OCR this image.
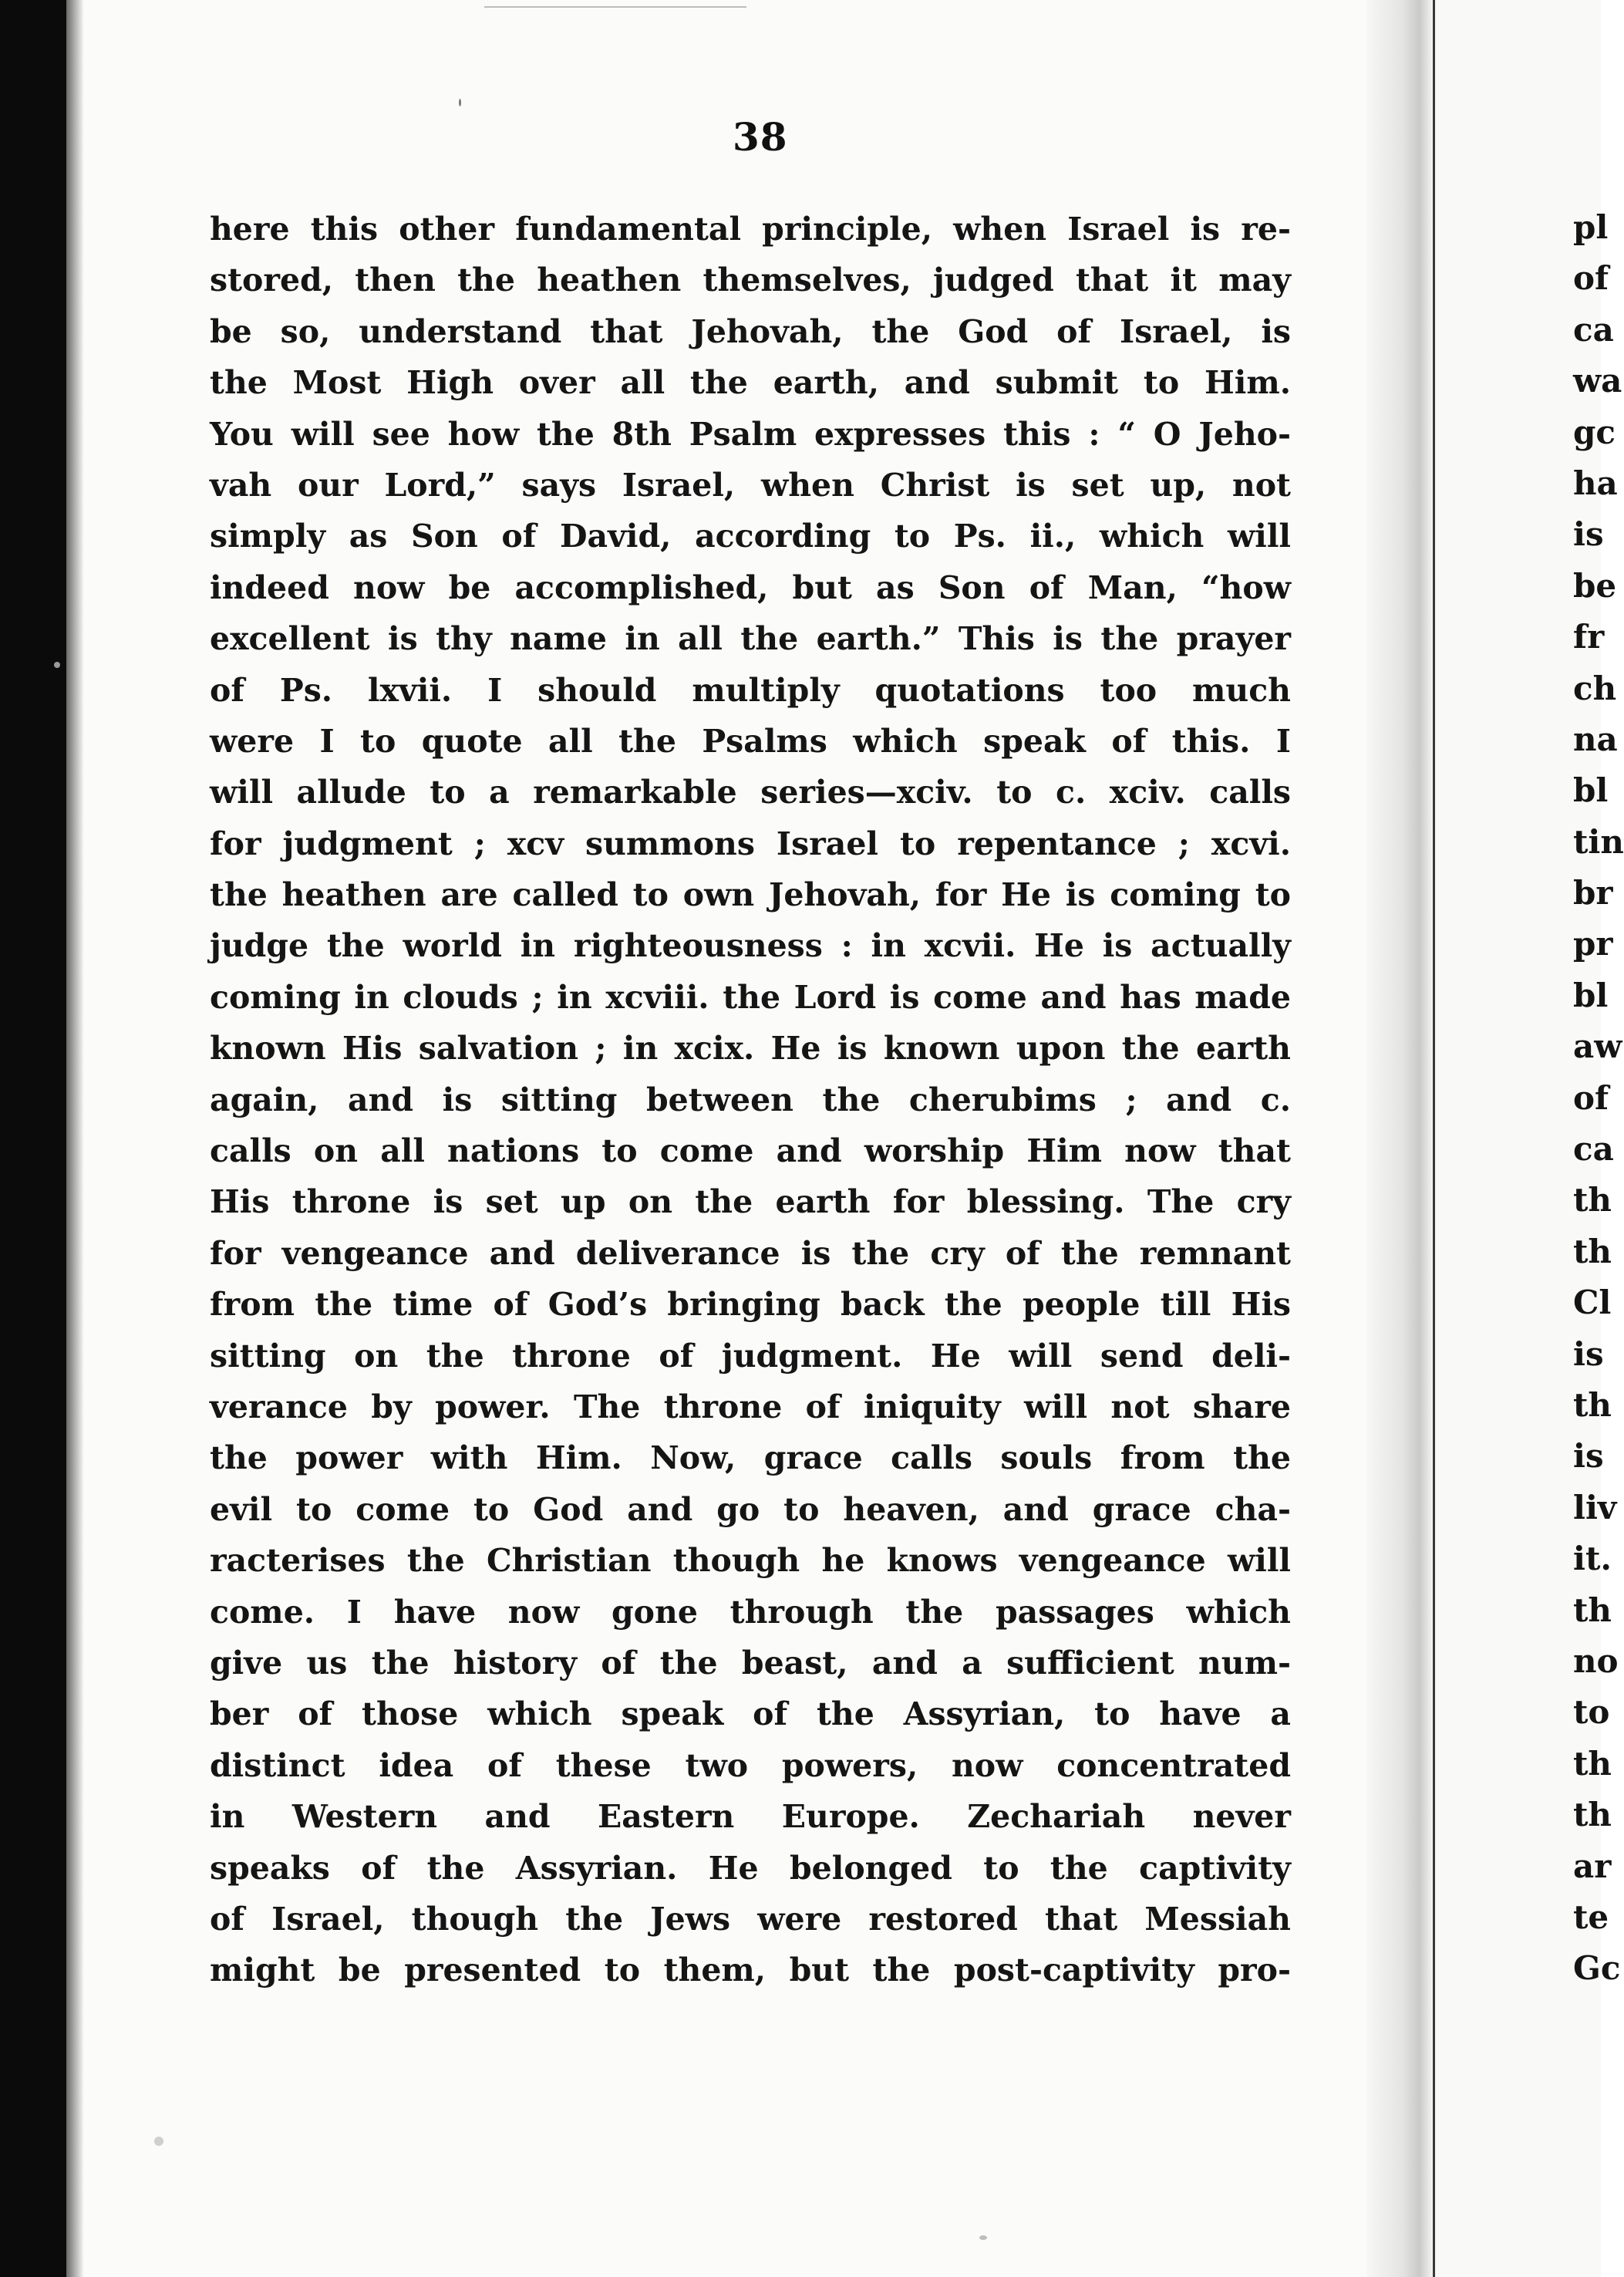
38
here this other fundamental principle, when Israel is re-
stored, then the heathen themselves, judged that it may
be so, understand that Jehovah, the God of Israel, is
the Most High over all the earth, and submit to Him.
You will see how the 8th Psalm expresses this : “ O Jeho-
vah our Lord,” says Israel, when Christ is set up, not
simply as Son of David, according to Ps. ii., which will
indeed now be accomplished, but as Son of Man, “how
excellent is thy name in all the earth.” This is the prayer
of Ps. lxvii. I should multiply quotations too much
were I to quote all the Psalms which speak of this. I
will allude to a remarkable series—xciv. to c. xciv. calls
for judgment ; xcv summons Israel to repentance ; xcvi.
the heathen are called to own Jehovah, for He is coming to
judge the world in righteousness : in xcvii. He is actually
coming in clouds ; in xcviii. the Lord is come and has made
known His salvation ; in xcix. He is known upon the earth
again, and is sitting between the cherubims ; and c.
calls on all nations to come and worship Him now that
His throne is set up on the earth for blessing. The cry
for vengeance and deliverance is the cry of the remnant
from the time of God’s bringing back the people till His
sitting on the throne of judgment. He will send deli-
verance by power. The throne of iniquity will not share
the power with Him. Now, grace calls souls from the
evil to come to God and go to heaven, and grace cha-
racterises the Christian though he knows vengeance will
come. I have now gone through the passages which
give us the history of the beast, and a sufficient num-
ber of those which speak of the Assyrian, to have a
distinct idea of these two powers, now concentrated
in Western and Eastern Europe. Zechariah never
speaks of the Assyrian. He belonged to the captivity
of Israel, though the Jews were restored that Messiah
might be presented to them, but the post-captivity pro-
pl
of
ca
wa
gc
ha
is
be
fr
ch
na
bl
tin
br
pr
bl
aw
of
ca
th
th
Cl
is
th
is
liv
it.
th
no
to
th
th
ar
te
Gc
